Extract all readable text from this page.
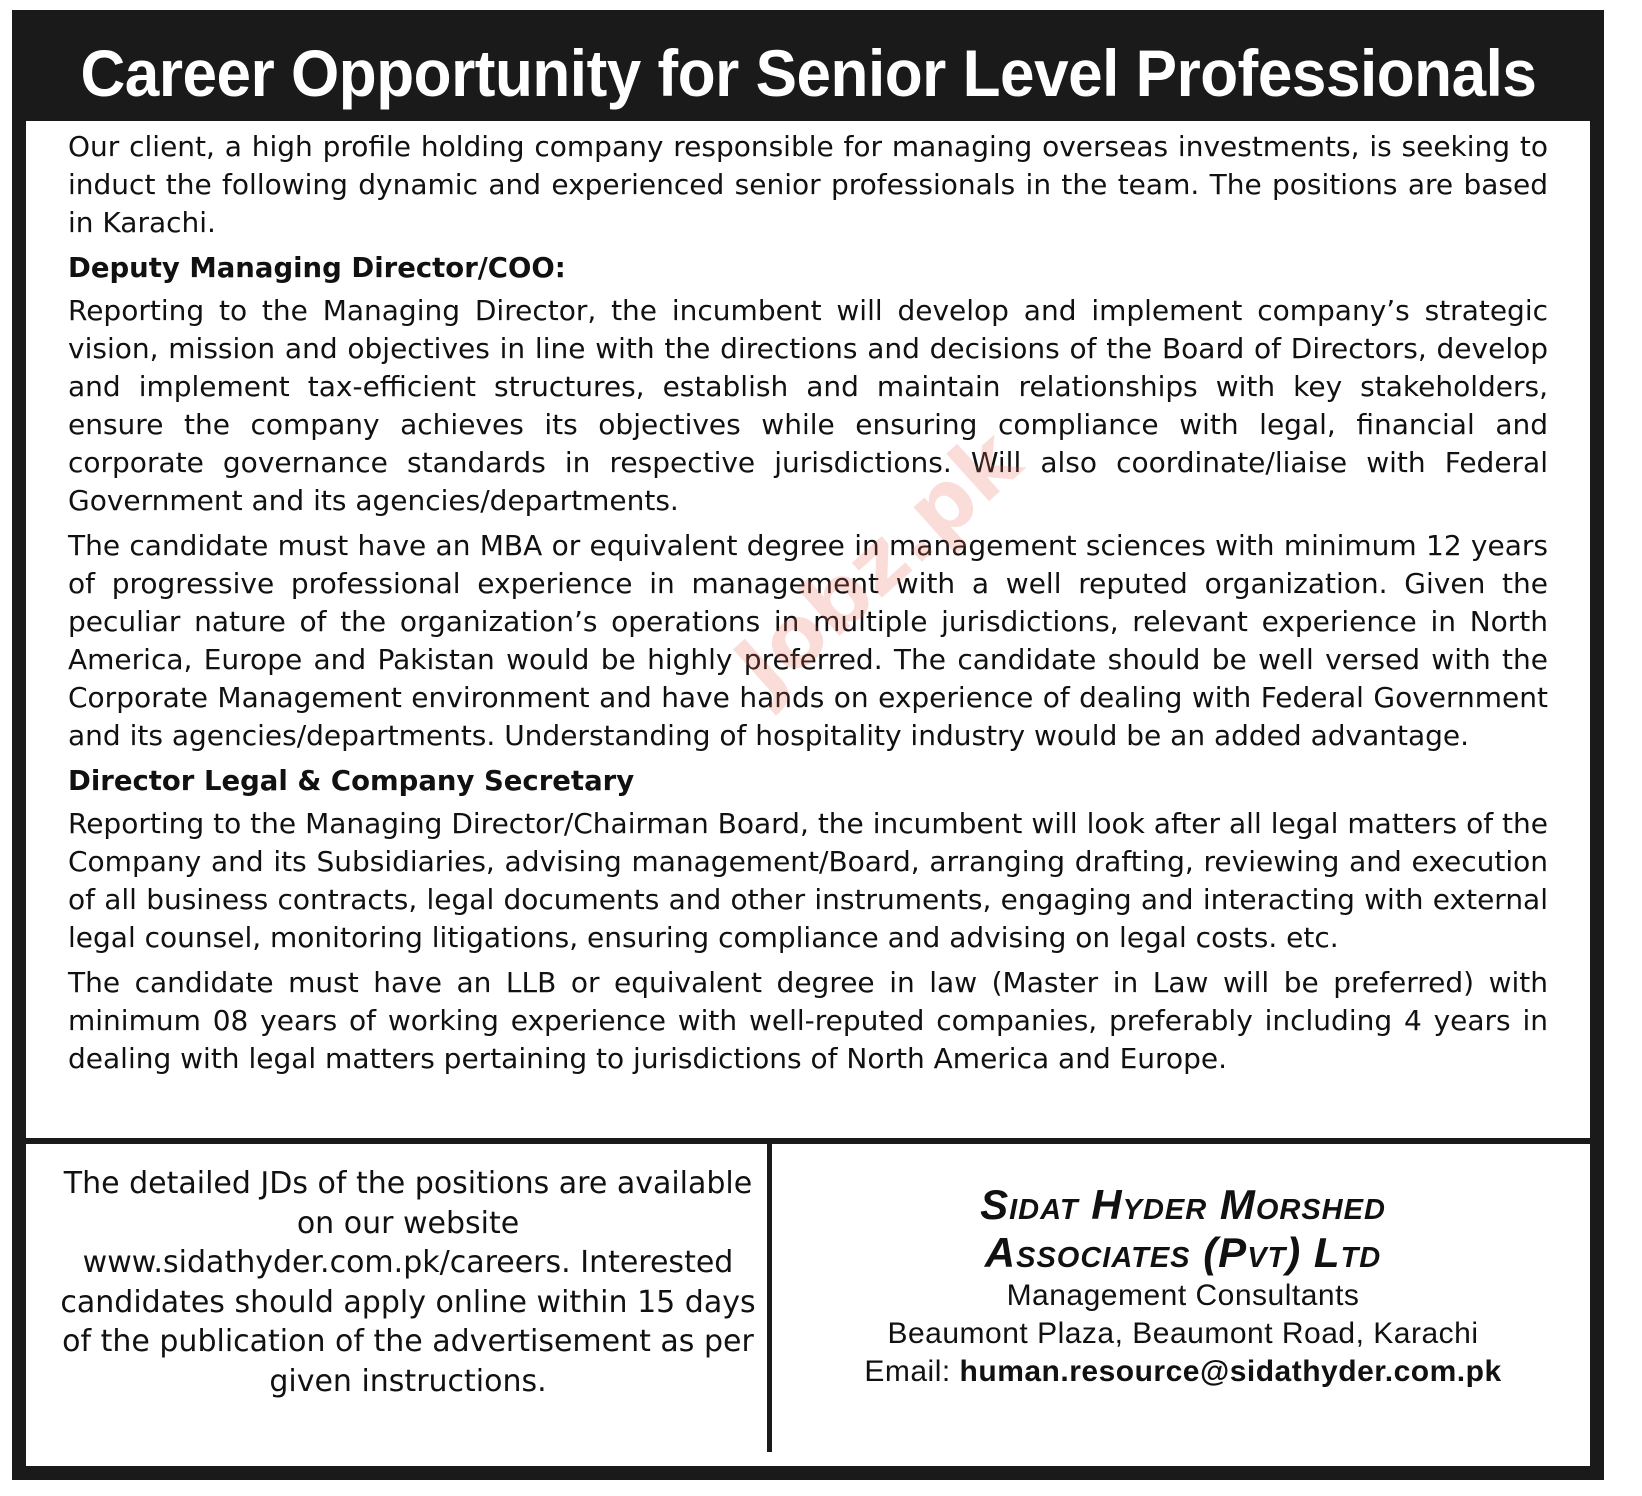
Career Opportunity for Senior Level Professionals

Our client, a high profile holding company responsible for managing overseas investments, is seeking to induct the following dynamic and experienced senior professionals in the team. The positions are based in Karachi.

Deputy Managing Director/COO:

Reporting to the Managing Director, the incumbent will develop and implement company’s strategic vision, mission and objectives in line with the directions and decisions of the Board of Directors, develop and implement tax-efficient structures, establish and maintain relationships with key stakeholders, ensure the company achieves its objectives while ensuring compliance with legal, financial and corporate governance standards in respective jurisdictions. Will also coordinate/liaise with Federal Government and its agencies/departments.

The candidate must have an MBA or equivalent degree in management sciences with minimum 12 years of progressive professional experience in management with a well reputed organization. Given the peculiar nature of the organization’s operations in multiple jurisdictions, relevant experience in North America, Europe and Pakistan would be highly preferred. The candidate should be well versed with the Corporate Management environment and have hands on experience of dealing with Federal Government and its agencies/departments. Understanding of hospitality industry would be an added advantage.

Director Legal & Company Secretary

Reporting to the Managing Director/Chairman Board, the incumbent will look after all legal matters of the Company and its Subsidiaries, advising management/Board, arranging drafting, reviewing and execution of all business contracts, legal documents and other instruments, engaging and interacting with external legal counsel, monitoring litigations, ensuring compliance and advising on legal costs. etc.

The candidate must have an LLB or equivalent degree in law (Master in Law will be preferred) with minimum 08 years of working experience with well-reputed companies, preferably including 4 years in dealing with legal matters pertaining to jurisdictions of North America and Europe.

Jobz.pk
The detailed JDs of the positions are available on our website www.sidathyder.com.pk/careers. Interested candidates should apply online within 15 days of the publication of the advertisement as per given instructions.
Sidat Hyder Morshed
Associates (Pvt) Ltd
Management Consultants
Beaumont Plaza, Beaumont Road, Karachi
Email: human.resource@sidathyder.com.pk
